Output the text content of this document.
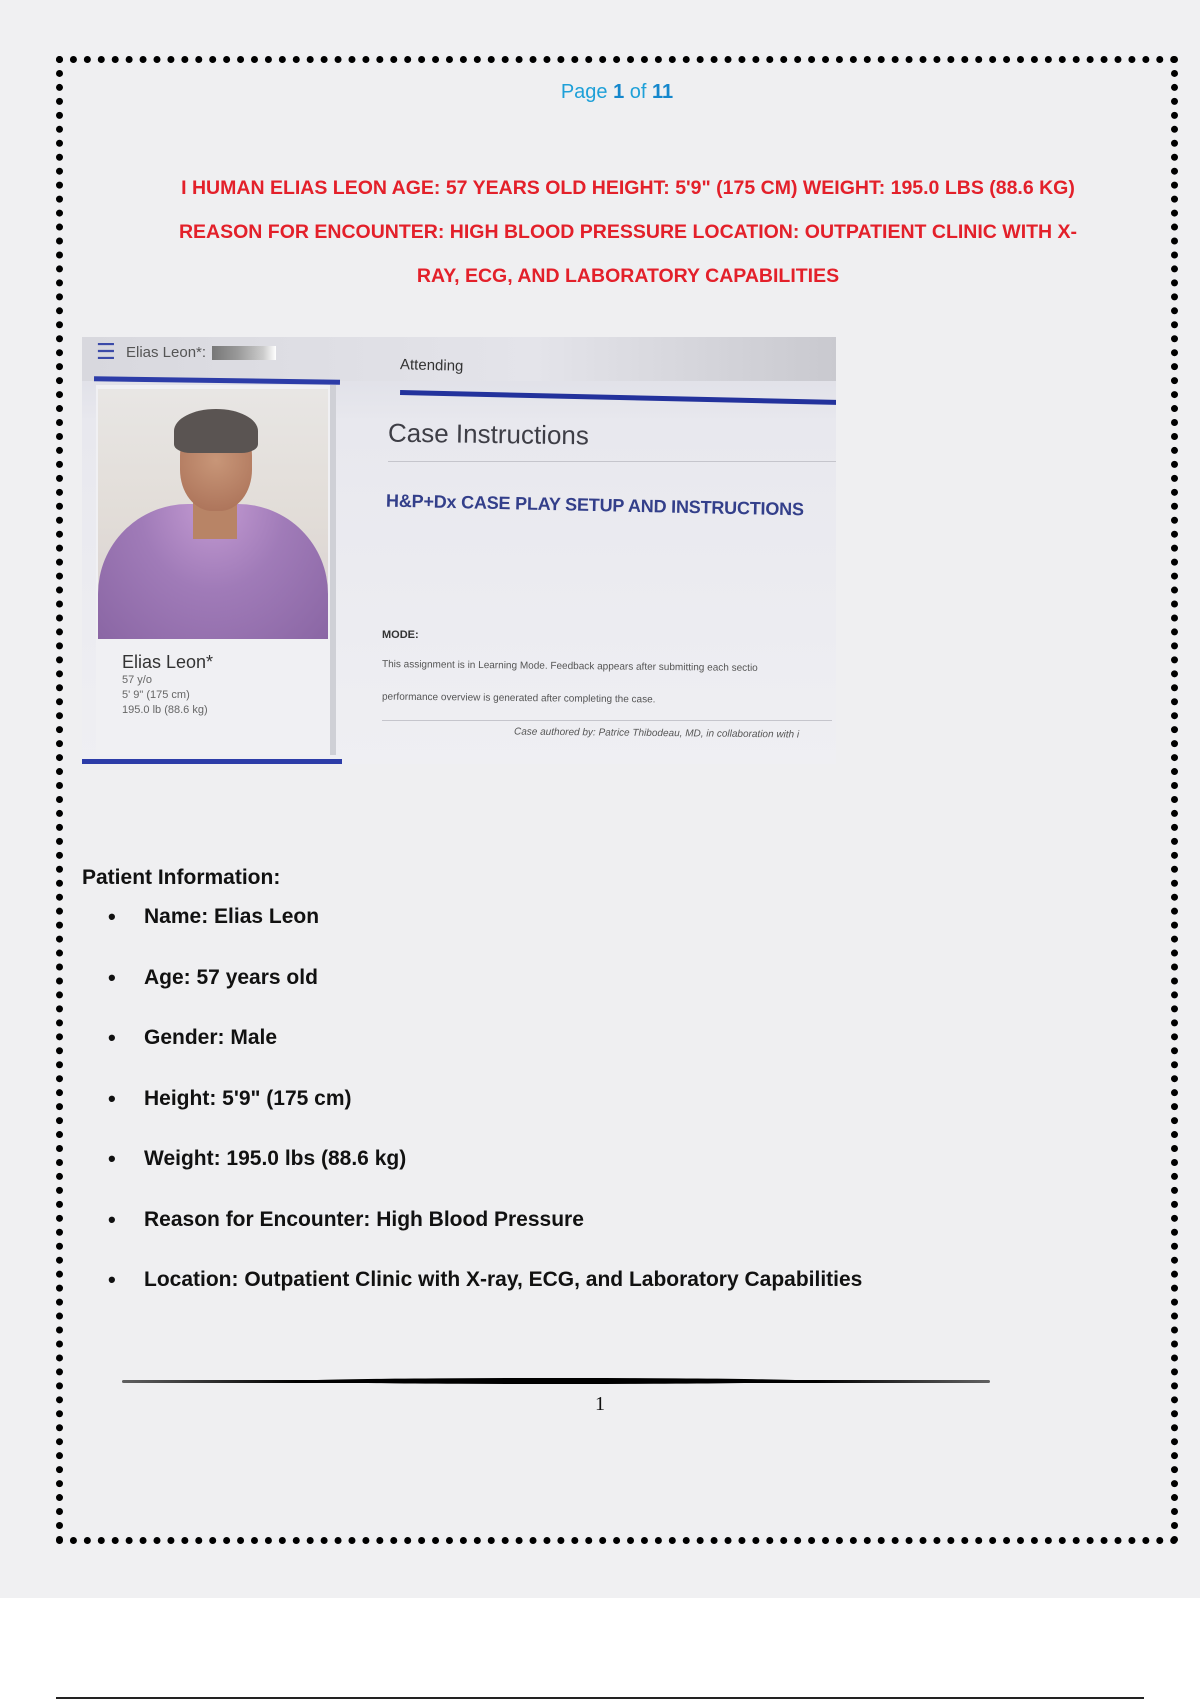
Page 1 of 11
I HUMAN ELIAS LEON AGE: 57 YEARS OLD HEIGHT: 5'9" (175 CM) WEIGHT: 195.0 LBS (88.6 KG)
REASON FOR ENCOUNTER: HIGH BLOOD PRESSURE LOCATION: OUTPATIENT CLINIC WITH X-
RAY, ECG, AND LABORATORY CAPABILITIES
☰ Elias Leon*:
Attending
Elias Leon*
57 y/o
5' 9" (175 cm)
195.0 lb (88.6 kg)
Case Instructions
H&P+Dx CASE PLAY SETUP AND INSTRUCTIONS
MODE:
This assignment is in Learning Mode. Feedback appears after submitting each sectio
performance overview is generated after completing the case.
Case authored by: Patrice Thibodeau, MD, in collaboration with i
Patient Information:
• Name: Elias Leon
• Age: 57 years old
• Gender: Male
• Height: 5'9" (175 cm)
• Weight: 195.0 lbs (88.6 kg)
• Reason for Encounter: High Blood Pressure
• Location: Outpatient Clinic with X-ray, ECG, and Laboratory Capabilities
1
